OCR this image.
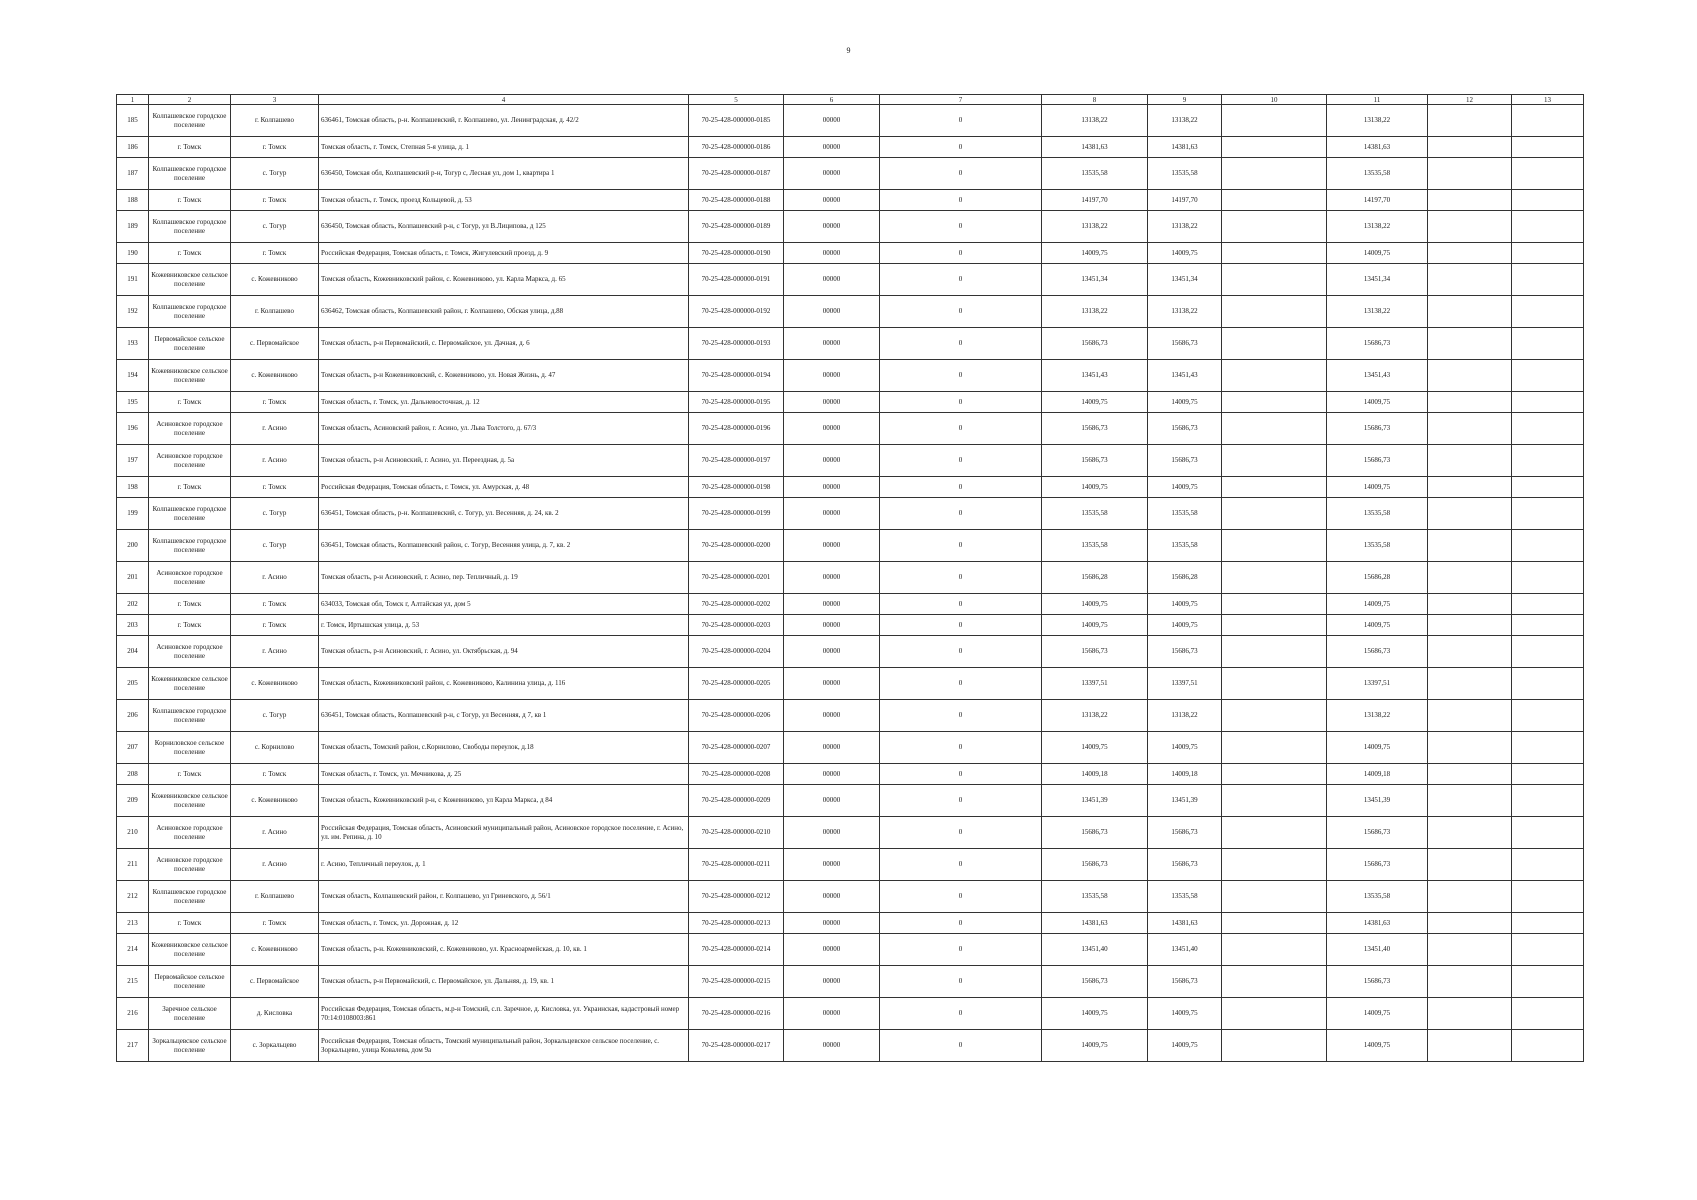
9
1	2	3	4	5	6	7	8	9	10	11	12	13
185	Колпашевское городское поселение	г. Колпашево	636461, Томская область, р-н. Колпашевский, г. Колпашево, ул. Ленинградская, д. 42/2	70-25-428-000000-0185	00000	0	13138,22	13138,22		13138,22		
186	г. Томск	г. Томск	Томская область, г. Томск, Степная 5-я улица, д. 1	70-25-428-000000-0186	00000	0	14381,63	14381,63		14381,63		
187	Колпашевское городское поселение	с. Тогур	636450, Томская обл, Колпашевский р-н, Тогур с, Лесная ул, дом 1, квартира 1	70-25-428-000000-0187	00000	0	13535,58	13535,58		13535,58		
188	г. Томск	г. Томск	Томская область, г. Томск, проезд Кольцевой, д. 53	70-25-428-000000-0188	00000	0	14197,70	14197,70		14197,70		
189	Колпашевское городское поселение	с. Тогур	636450, Томская область, Колпашевский р-н, с Тогур, ул В.Лиципова, д 125	70-25-428-000000-0189	00000	0	13138,22	13138,22		13138,22		
190	г. Томск	г. Томск	Российская Федерация, Томская область, г. Томск, Жигулевский проезд, д. 9	70-25-428-000000-0190	00000	0	14009,75	14009,75		14009,75		
191	Кожевниковское сельское поселение	с. Кожевниково	Томская область, Кожевниковский район, с. Кожевниково, ул. Карла Маркса, д. 65	70-25-428-000000-0191	00000	0	13451,34	13451,34		13451,34		
192	Колпашевское городское поселение	г. Колпашево	636462, Томская область, Колпашевский район, г. Колпашево, Обская улица, д.88	70-25-428-000000-0192	00000	0	13138,22	13138,22		13138,22		
193	Первомайское сельское поселение	с. Первомайское	Томская область, р-н Первомайский, с. Первомайское, ул. Дачная, д. 6	70-25-428-000000-0193	00000	0	15686,73	15686,73		15686,73		
194	Кожевниковское сельское поселение	с. Кожевниково	Томская область, р-н Кожевниковский, с. Кожевниково, ул. Новая Жизнь, д. 47	70-25-428-000000-0194	00000	0	13451,43	13451,43		13451,43		
195	г. Томск	г. Томск	Томская область, г. Томск, ул. Дальневосточная, д. 12	70-25-428-000000-0195	00000	0	14009,75	14009,75		14009,75		
196	Асиновское городское поселение	г. Асино	Томская область, Асиновский район, г. Асино, ул. Льва Толстого, д. 67/3	70-25-428-000000-0196	00000	0	15686,73	15686,73		15686,73		
197	Асиновское городское поселение	г. Асино	Томская область, р-н Асиновский, г. Асино, ул. Переездная, д. 5а	70-25-428-000000-0197	00000	0	15686,73	15686,73		15686,73		
198	г. Томск	г. Томск	Российская Федерация, Томская область, г. Томск, ул. Амурская, д. 48	70-25-428-000000-0198	00000	0	14009,75	14009,75		14009,75		
199	Колпашевское городское поселение	с. Тогур	636451, Томская область, р-н. Колпашевский, с. Тогур, ул. Весенняя, д. 24, кв. 2	70-25-428-000000-0199	00000	0	13535,58	13535,58		13535,58		
200	Колпашевское городское поселение	с. Тогур	636451, Томская область, Колпашевский район, с. Тогур, Весенняя улица, д. 7, кв. 2	70-25-428-000000-0200	00000	0	13535,58	13535,58		13535,58		
201	Асиновское городское поселение	г. Асино	Томская область, р-н Асиновский, г. Асино, пер. Тепличный, д. 19	70-25-428-000000-0201	00000	0	15686,28	15686,28		15686,28		
202	г. Томск	г. Томск	634033, Томская обл, Томск г, Алтайская ул, дом 5	70-25-428-000000-0202	00000	0	14009,75	14009,75		14009,75		
203	г. Томск	г. Томск	г. Томск, Иртышская улица, д. 53	70-25-428-000000-0203	00000	0	14009,75	14009,75		14009,75		
204	Асиновское городское поселение	г. Асино	Томская область, р-н Асиновский, г. Асино, ул. Октябрьская, д. 94	70-25-428-000000-0204	00000	0	15686,73	15686,73		15686,73		
205	Кожевниковское сельское поселение	с. Кожевниково	Томская область, Кожевниковский район, с. Кожевниково, Калинина улица, д. 116	70-25-428-000000-0205	00000	0	13397,51	13397,51		13397,51		
206	Колпашевское городское поселение	с. Тогур	636451, Томская область, Колпашевский р-н, с Тогур, ул Весенняя, д 7, кв 1	70-25-428-000000-0206	00000	0	13138,22	13138,22		13138,22		
207	Корниловское сельское поселение	с. Корнилово	Томская область, Томский район, с.Корнилово, Свободы переулок, д.18	70-25-428-000000-0207	00000	0	14009,75	14009,75		14009,75		
208	г. Томск	г. Томск	Томская область, г. Томск, ул. Мечникова, д. 25	70-25-428-000000-0208	00000	0	14009,18	14009,18		14009,18		
209	Кожевниковское сельское поселение	с. Кожевниково	Томская область, Кожевниковский р-н, с Кожевниково, ул Карла Маркса, д 84	70-25-428-000000-0209	00000	0	13451,39	13451,39		13451,39		
210	Асиновское городское поселение	г. Асино	Российская Федерация, Томская область, Асиновский муниципальный район, Асиновское городское поселение, г. Асино, ул. им. Репина, д. 10	70-25-428-000000-0210	00000	0	15686,73	15686,73		15686,73		
211	Асиновское городское поселение	г. Асино	г. Асино, Тепличный переулок, д. 1	70-25-428-000000-0211	00000	0	15686,73	15686,73		15686,73		
212	Колпашевское городское поселение	г. Колпашево	Томская область, Колпашевский район, г. Колпашево, ул Гриневского, д. 56/1	70-25-428-000000-0212	00000	0	13535,58	13535,58		13535,58		
213	г. Томск	г. Томск	Томская область, г. Томск, ул. Дорожная, д. 12	70-25-428-000000-0213	00000	0	14381,63	14381,63		14381,63		
214	Кожевниковское сельское поселение	с. Кожевниково	Томская область, р-н. Кожевниковский, с. Кожевниково, ул. Красноармейская, д. 10, кв. 1	70-25-428-000000-0214	00000	0	13451,40	13451,40		13451,40		
215	Первомайское сельское поселение	с. Первомайское	Томская область, р-н Первомайский, с. Первомайское, ул. Дальняя, д. 19, кв. 1	70-25-428-000000-0215	00000	0	15686,73	15686,73		15686,73		
216	Заречное сельское поселение	д. Кисловка	Российская Федерация, Томская область, м.р-н Томский, с.п. Заречное, д. Кисловка, ул. Украинская, кадастровый номер 70:14:0108003:861	70-25-428-000000-0216	00000	0	14009,75	14009,75		14009,75		
217	Зоркальцевское сельское поселение	с. Зоркальцево	Российская Федерация, Томская область, Томский муниципальный район, Зоркальцевское сельское поселение, с. Зоркальцево, улица Ковалева, дом 9а	70-25-428-000000-0217	00000	0	14009,75	14009,75		14009,75		
